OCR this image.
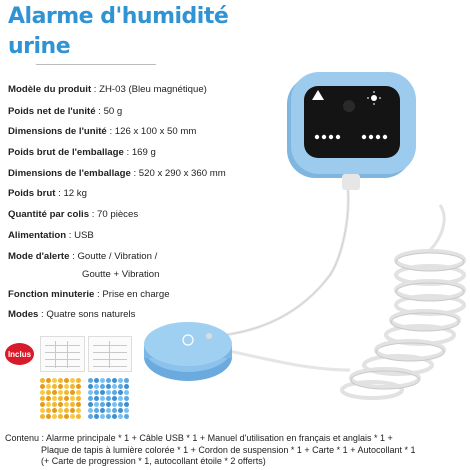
Alarme d'humidité
urine
Modèle du produit : ZH-03 (Bleu magnétique)
Poids net de l'unité : 50 g
Dimensions de l'unité : 126 x 100 x 50 mm
Poids brut de l'emballage : 169 g
Dimensions de l'emballage : 520 x 290 x 360 mm
Poids brut : 12 kg
Quantité par colis : 70 pièces
Alimentation : USB
Mode d'alerte : Goutte / Vibration /
Goutte + Vibration
Fonction minuterie : Prise en charge
Modes : Quatre sons naturels
Inclus
Contenu : Alarme principale * 1 + Câble USB * 1 + Manuel d'utilisation en français et anglais * 1 +
Plaque de tapis à lumière colorée * 1 + Cordon de suspension * 1 + Carte * 1 + Autocollant * 1
(+ Carte de progression * 1, autocollant étoile * 2 offerts)
